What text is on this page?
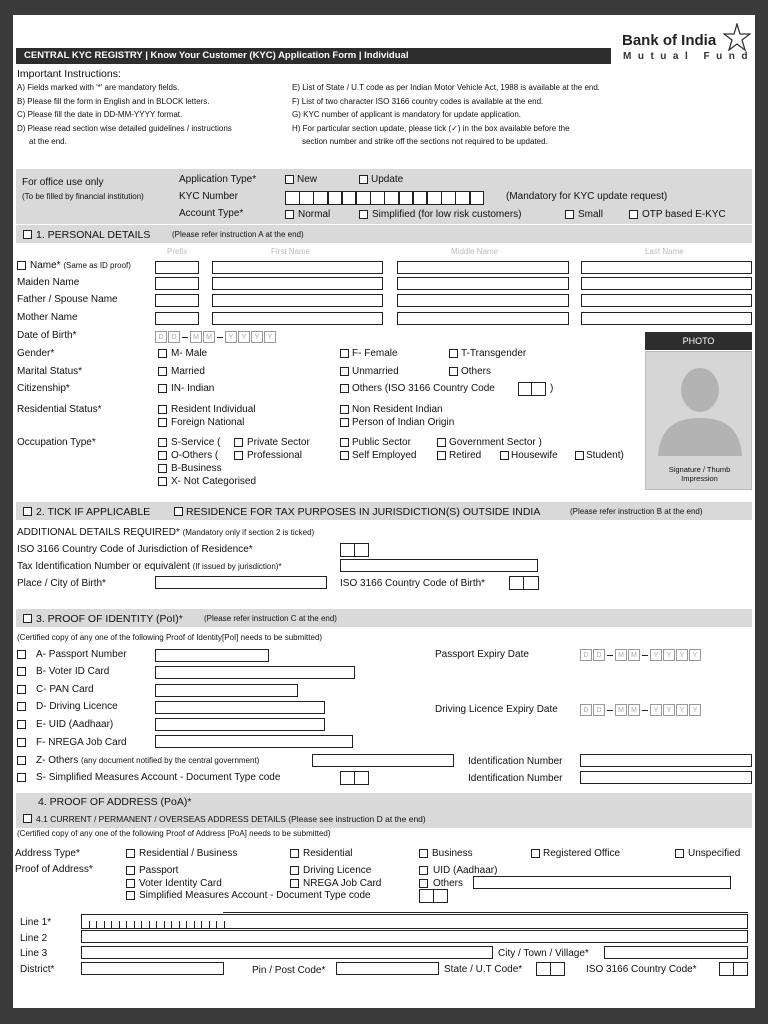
CENTRAL KYC REGISTRY | Know Your Customer (KYC) Application Form | Individual
Bank of India
Mutual Fund
Important Instructions:
A) Fields marked with '*' are mandatory fields.
B) Please fill the form in English and in BLOCK letters.
C) Please fill the date in DD-MM-YYYY format.
D) Please read section wise detailed guidelines / instructions
at the end.
E) List of State / U.T code as per Indian Motor Vehicle Act, 1988 is available at the end.
F) List of two character ISO 3166 country codes is available at the end.
G) KYC number of applicant is mandatory for update application.
H) For particular section update, please tick (✓) in the box available before the
section number and strike off the sections not required to be updated.
For office use only
(To be filled by financial institution)
Application Type*	New	Update
KYC Number	(Mandatory for KYC update request)
Account Type*	Normal	Simplified (for low risk customers)	Small	OTP based E-KYC
1. PERSONAL DETAILS	(Please refer instruction A at the end)
Prefix	First Name	Middle Name	Last Name
Name* (Same as ID proof)
Maiden Name
Father / Spouse Name
Mother Name
Date of Birth*	D	D	M	M	Y	Y	Y	Y	PHOTO
Signature / Thumb Impression
Gender*	M- Male	F- Female	T-Transgender
Marital Status*	Married	Unmarried	Others
Citizenship*	IN- Indian	Others (ISO 3166 Country Code	)
Residential Status*	Resident Individual	Non Resident Indian
Foreign National	Person of Indian Origin
Occupation Type*	S-Service (	Private Sector	Public Sector	Government Sector )
O-Others (	Professional	Self Employed	Retired	Housewife	Student)
B-Business
X- Not Categorised
2. TICK IF APPLICABLE	RESIDENCE FOR TAX PURPOSES IN JURISDICTION(S) OUTSIDE INDIA	(Please refer instruction B at the end)
ADDITIONAL DETAILS REQUIRED* (Mandatory only if section 2 is ticked)
ISO 3166 Country Code of Jurisdiction of Residence*
Tax Identification Number or equivalent (If issued by jurisdiction)*
Place / City of Birth*	ISO 3166 Country Code of Birth*
3. PROOF OF IDENTITY (PoI)*	(Please refer instruction C at the end)
(Certified copy of any one of the following Proof of Identity[PoI] needs to be submitted)
A- Passport Number
B- Voter ID Card
C- PAN Card
D- Driving Licence
E- UID (Aadhaar)
F- NREGA Job Card
Z- Others (any document notified by the central government)
S- Simplified Measures Account - Document Type code
Passport Expiry Date	D	D	M	M	Y	Y	Y	Y
Driving Licence Expiry Date	D	D	M	M	Y	Y	Y	Y
Identification Number
Identification Number
4. PROOF OF ADDRESS (PoA)*
4.1 CURRENT / PERMANENT / OVERSEAS ADDRESS DETAILS (Please see instruction D at the end)
(Certified copy of any one of the following Proof of Address [PoA] needs to be submitted)
Address Type*	Residential / Business	Residential	Business	Registered Office	Unspecified
Proof of Address*	Passport	Driving Licence	UID (Aadhaar)
Voter Identity Card	NREGA Job Card	Others
Simplified Measures Account - Document Type code
Line 1*
Line 2
Line 3	City / Town / Village*
District*	Pin / Post Code*	State / U.T Code*	ISO 3166 Country Code*
